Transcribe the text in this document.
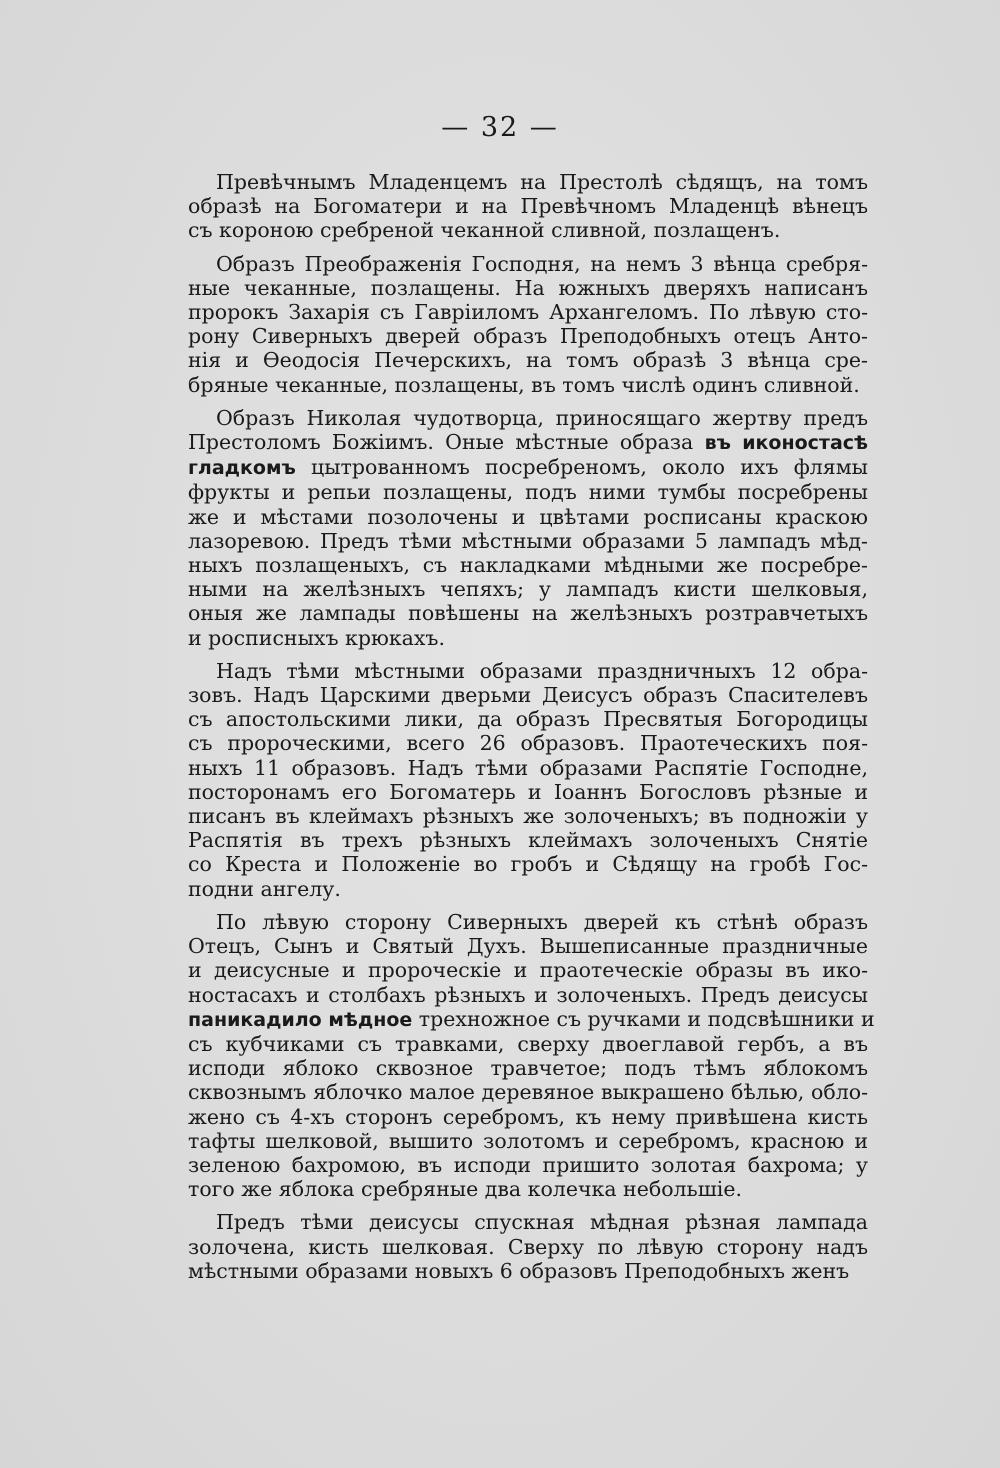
— 32 —
Превѣчнымъ Младенцемъ на Престолѣ сѣдящъ, на томъ
образѣ на Богоматери и на Превѣчномъ Младенцѣ вѣнецъ
съ короною сребреной чеканной сливной, позлащенъ.
Образъ Преображенія Господня, на немъ 3 вѣнца сребря-
ные чеканные, позлащены. На южныхъ дверяхъ написанъ
пророкъ Захарія съ Гавріиломъ Архангеломъ. По лѣвую сто-
рону Сиверныхъ дверей образъ Преподобныхъ отецъ Анто-
нія и Ѳеодосія Печерскихъ, на томъ образѣ 3 вѣнца сре-
бряные чеканные, позлащены, въ томъ числѣ одинъ сливной.
Образъ Николая чудотворца, приносящаго жертву предъ
Престоломъ Божіимъ. Оные мѣстные образа въ иконостасѣ
гладкомъ цытрованномъ посребреномъ, около ихъ флямы
фрукты и репьи позлащены, подъ ними тумбы посребрены
же и мѣстами позолочены и цвѣтами росписаны краскою
лазоревою. Предъ тѣми мѣстными образами 5 лампадъ мѣд-
ныхъ позлащеныхъ, съ накладками мѣдными же посребре-
ными на желѣзныхъ чепяхъ; у лампадъ кисти шелковыя,
оныя же лампады повѣшены на желѣзныхъ розтравчетыхъ
и росписныхъ крюкахъ.
Надъ тѣми мѣстными образами праздничныхъ 12 обра-
зовъ. Надъ Царскими дверьми Деисусъ образъ Спасителевъ
съ апостольскими лики, да образъ Пресвятыя Богородицы
съ пророческими, всего 26 образовъ. Праотеческихъ поя-
ныхъ 11 образовъ. Надъ тѣми образами Распятіе Господне,
посторонамъ его Богоматерь и Іоаннъ Богословъ рѣзные и
писанъ въ клеймахъ рѣзныхъ же золоченыхъ; въ подножіи у
Распятія въ трехъ рѣзныхъ клеймахъ золоченыхъ Снятіе
со Креста и Положеніе во гробъ и Сѣдящу на гробѣ Гос-
подни ангелу.
По лѣвую сторону Сиверныхъ дверей къ стѣнѣ образъ
Отецъ, Сынъ и Святый Духъ. Вышеписанные праздничные
и деисусные и пророческіе и праотеческіе образы въ ико-
ностасахъ и столбахъ рѣзныхъ и золоченыхъ. Предъ деисусы
паникадило мѣдное трехножное съ ручками и подсвѣшники и
съ кубчиками съ травками, сверху двоеглавой гербъ, а въ
исподи яблоко сквозное травчетое; подъ тѣмъ яблокомъ
сквознымъ яблочко малое деревяное выкрашено бѣлью, обло-
жено съ 4-хъ сторонъ серебромъ, къ нему привѣшена кисть
тафты шелковой, вышито золотомъ и серебромъ, красною и
зеленою бахромою, въ исподи пришито золотая бахрома; у
того же яблока сребряные два колечка небольшіе.
Предъ тѣми деисусы спускная мѣдная рѣзная лампада
золочена, кисть шелковая. Сверху по лѣвую сторону надъ
мѣстными образами новыхъ 6 образовъ Преподобныхъ женъ
